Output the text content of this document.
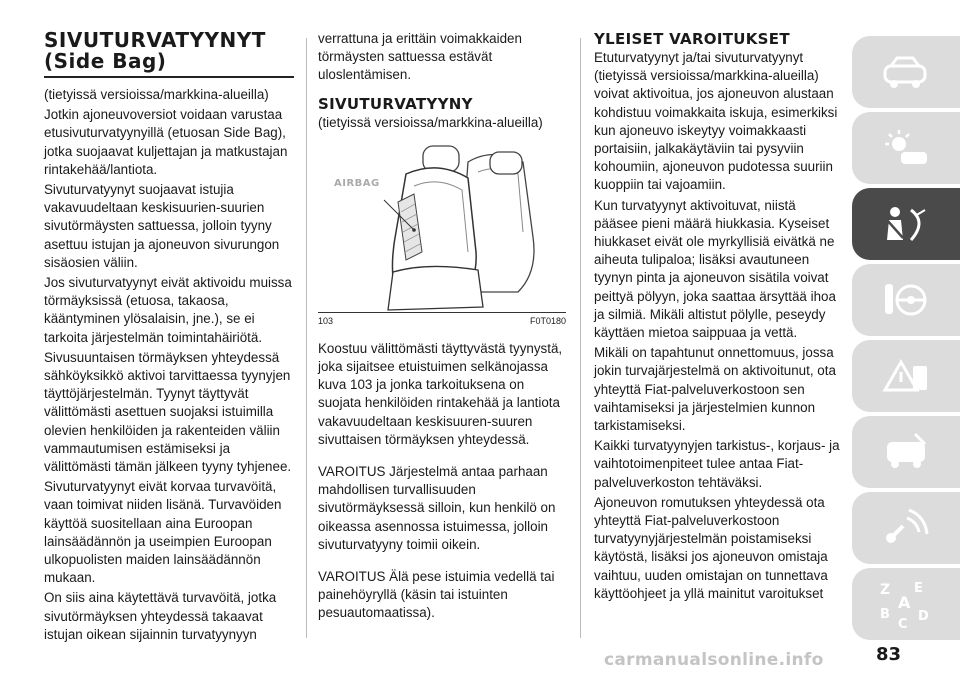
SIVUTURVATYYNYT
(Side Bag)

(tietyissä versioissa/markkina-alueilla)

Jotkin ajoneuvoversiot voidaan varustaa etusivuturvatyynyillä (etuosan Side Bag), jotka suojaavat kuljettajan ja matkustajan rintakehää/lantiota.

Sivuturvatyynyt suojaavat istujia vakavuudeltaan keskisuurien-suurien sivutörmäysten sattuessa, jolloin tyyny asettuu istujan ja ajoneuvon sivurungon sisäosien väliin.

Jos sivuturvatyynyt eivät aktivoidu muissa törmäyksissä (etuosa, takaosa, kääntyminen ylösalaisin, jne.), se ei tarkoita järjestelmän toimintahäiriötä.

Sivusuuntaisen törmäyksen yhteydessä sähköyksikkö aktivoi tarvittaessa tyynyjen täyttöjärjestelmän. Tyynyt täyttyvät välittömästi asettuen suojaksi istuimilla olevien henkilöiden ja rakenteiden väliin vammautumisen estämiseksi ja välittömästi tämän jälkeen tyyny tyhjenee.

Sivuturvatyynyt eivät korvaa turvavöitä, vaan toimivat niiden lisänä. Turvavöiden käyttöä suositellaan aina Euroopan lainsäädännön ja useimpien Euroopan ulkopuolisten maiden lainsäädännön mukaan.

On siis aina käytettävä turvavöitä, jotka sivutörmäyksen yhteydessä takaavat istujan oikean sijainnin turvatyynyyn

verrattuna ja erittäin voimakkaiden törmäysten sattuessa estävät uloslentämisen.

SIVUTURVATYYNY

(tietyissä versioissa/markkina-alueilla)

AIRBAG
103	F0T0180

Koostuu välittömästi täyttyvästä tyynystä, joka sijaitsee etuistuimen selkänojassa kuva 103 ja jonka tarkoituksena on suojata henkilöiden rintakehää ja lantiota vakavuudeltaan keskisuuren-suuren sivuttaisen törmäyksen yhteydessä.

VAROITUS Järjestelmä antaa parhaan mahdollisen turvallisuuden sivutörmäyksessä silloin, kun henkilö on oikeassa asennossa istuimessa, jolloin sivuturvatyyny toimii oikein.

VAROITUS Älä pese istuimia vedellä tai painehöyryllä (käsin tai istuinten pesuautomaatissa).

YLEISET VAROITUKSET

Etuturvatyynyt ja/tai sivuturvatyynyt (tietyissä versioissa/markkina-alueilla) voivat aktivoitua, jos ajoneuvon alustaan kohdistuu voimakkaita iskuja, esimerkiksi kun ajoneuvo iskeytyy voimakkaasti portaisiin, jalkakäytäviin tai pysyviin kohoumiin, ajoneuvon pudotessa suuriin kuoppiin tai vajoamiin.

Kun turvatyynyt aktivoituvat, niistä pääsee pieni määrä hiukkasia. Kyseiset hiukkaset eivät ole myrkyllisiä eivätkä ne aiheuta tulipaloa; lisäksi avautuneen tyynyn pinta ja ajoneuvon sisätila voivat peittyä pölyyn, joka saattaa ärsyttää ihoa ja silmiä. Mikäli altistut pölylle, peseydy käyttäen mietoa saippuaa ja vettä.

Mikäli on tapahtunut onnettomuus, jossa jokin turvajärjestelmä on aktivoitunut, ota yhteyttä Fiat-palveluverkostoon sen vaihtamiseksi ja järjestelmien kunnon tarkistamiseksi.

Kaikki turvatyynyjen tarkistus-, korjaus- ja vaihtotoimenpiteet tulee antaa Fiat-palveluverkoston tehtäväksi.

Ajoneuvon romutuksen yhteydessä ota yhteyttä Fiat-palveluverkostoon turvatyynyjärjestelmän poistamiseksi käytöstä, lisäksi jos ajoneuvon omistaja vaihtuu, uuden omistajan on tunnettava käyttöohjeet ja yllä mainitut varoitukset	Z E
B
A
D
C
83
carmanualsonline.info
